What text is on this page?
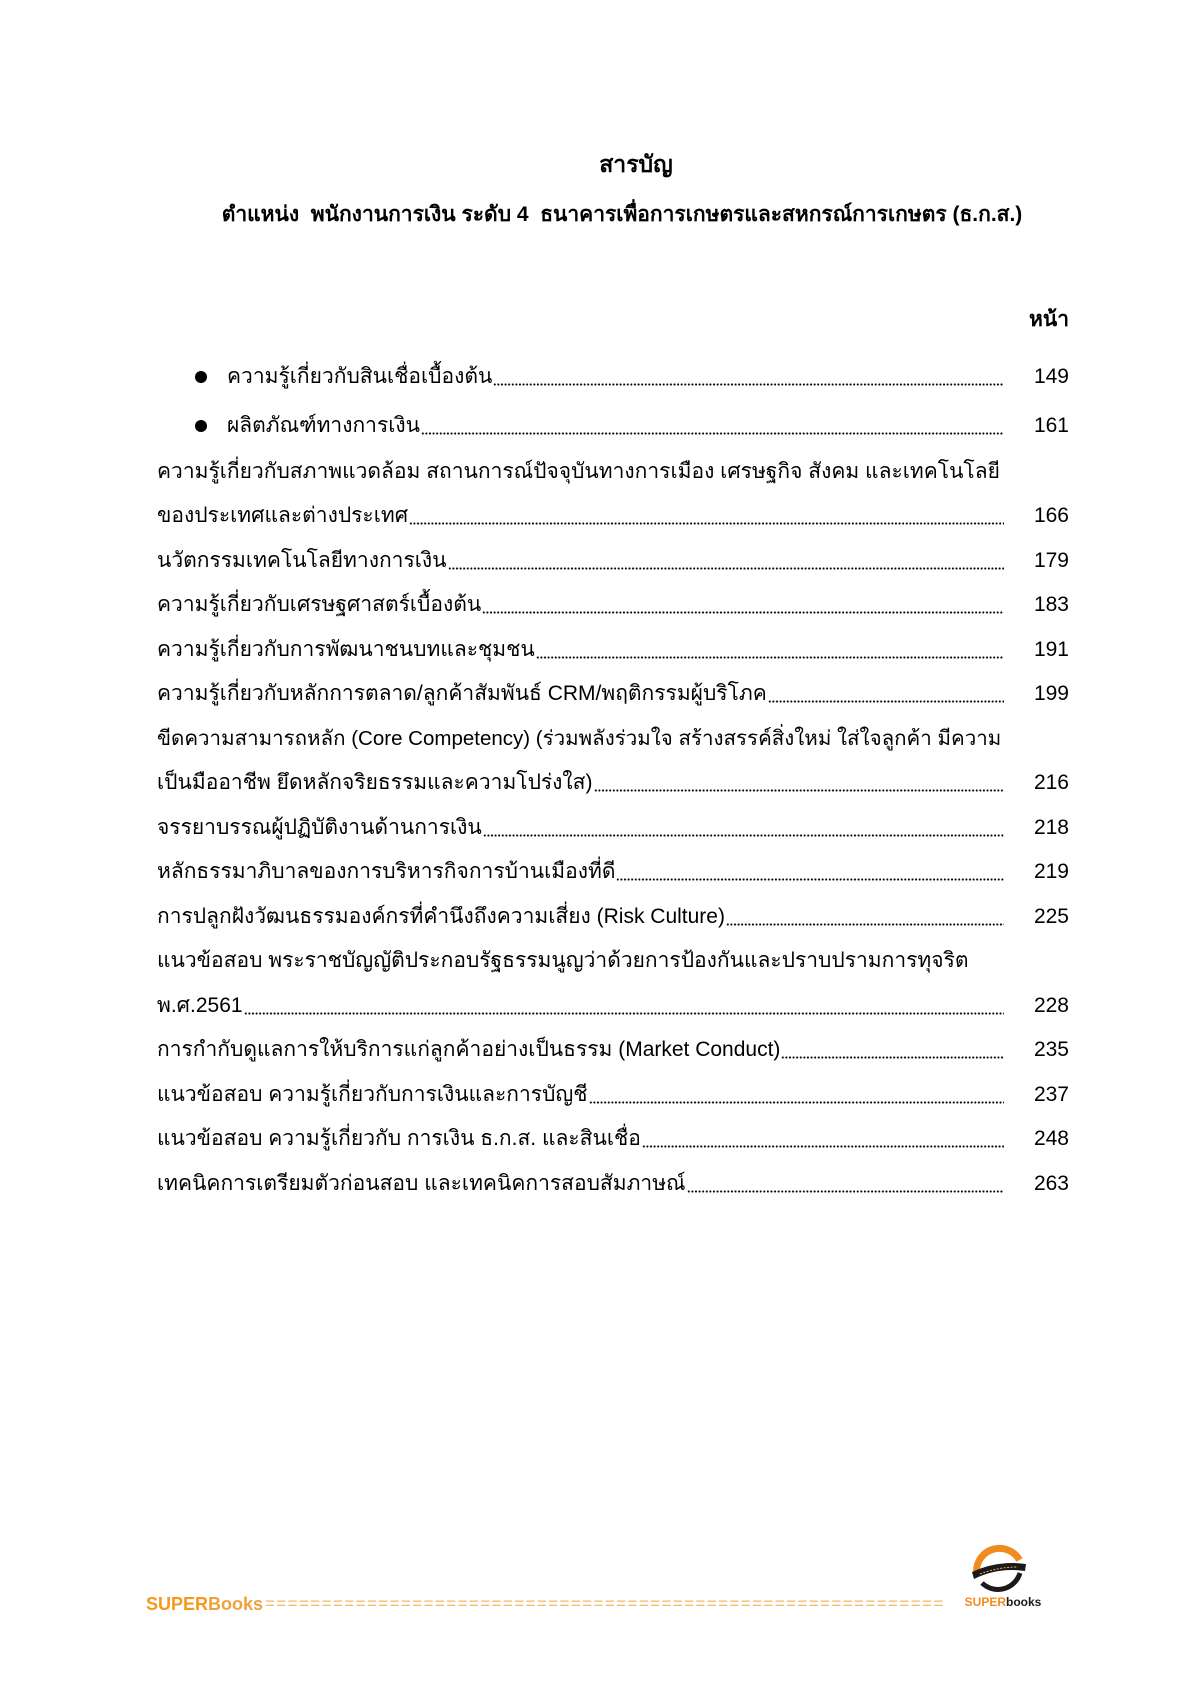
สารบัญ
ตำแหน่ง  พนักงานการเงิน ระดับ 4  ธนาคารเพื่อการเกษตรและสหกรณ์การเกษตร (ธ.ก.ส.)
หน้า
ความรู้เกี่ยวกับสินเชื่อเบื้องต้น	149
ผลิตภัณฑ์ทางการเงิน	161
ความรู้เกี่ยวกับสภาพแวดล้อม สถานการณ์ปัจจุบันทางการเมือง เศรษฐกิจ สังคม และเทคโนโลยี
ของประเทศและต่างประเทศ	166
นวัตกรรมเทคโนโลยีทางการเงิน	179
ความรู้เกี่ยวกับเศรษฐศาสตร์เบื้องต้น	183
ความรู้เกี่ยวกับการพัฒนาชนบทและชุมชน	191
ความรู้เกี่ยวกับหลักการตลาด/ลูกค้าสัมพันธ์ CRM/พฤติกรรมผู้บริโภค	199
ขีดความสามารถหลัก (Core Competency) (ร่วมพลังร่วมใจ สร้างสรรค์สิ่งใหม่ ใส่ใจลูกค้า มีความ
เป็นมืออาชีพ ยึดหลักจริยธรรมและความโปร่งใส)	216
จรรยาบรรณผู้ปฏิบัติงานด้านการเงิน	218
หลักธรรมาภิบาลของการบริหารกิจการบ้านเมืองที่ดี	219
การปลูกฝังวัฒนธรรมองค์กรที่คำนึงถึงความเสี่ยง (Risk Culture)	225
แนวข้อสอบ พระราชบัญญัติประกอบรัฐธรรมนูญว่าด้วยการป้องกันและปราบปรามการทุจริต
พ.ศ.2561	228
การกำกับดูแลการให้บริการแก่ลูกค้าอย่างเป็นธรรม (Market Conduct)	235
แนวข้อสอบ ความรู้เกี่ยวกับการเงินและการบัญชี	237
แนวข้อสอบ ความรู้เกี่ยวกับ การเงิน ธ.ก.ส. และสินเชื่อ	248
เทคนิคการเตรียมตัวก่อนสอบ และเทคนิคการสอบสัมภาษณ์	263
SUPERBooks ============================================================ SUPERbooks
